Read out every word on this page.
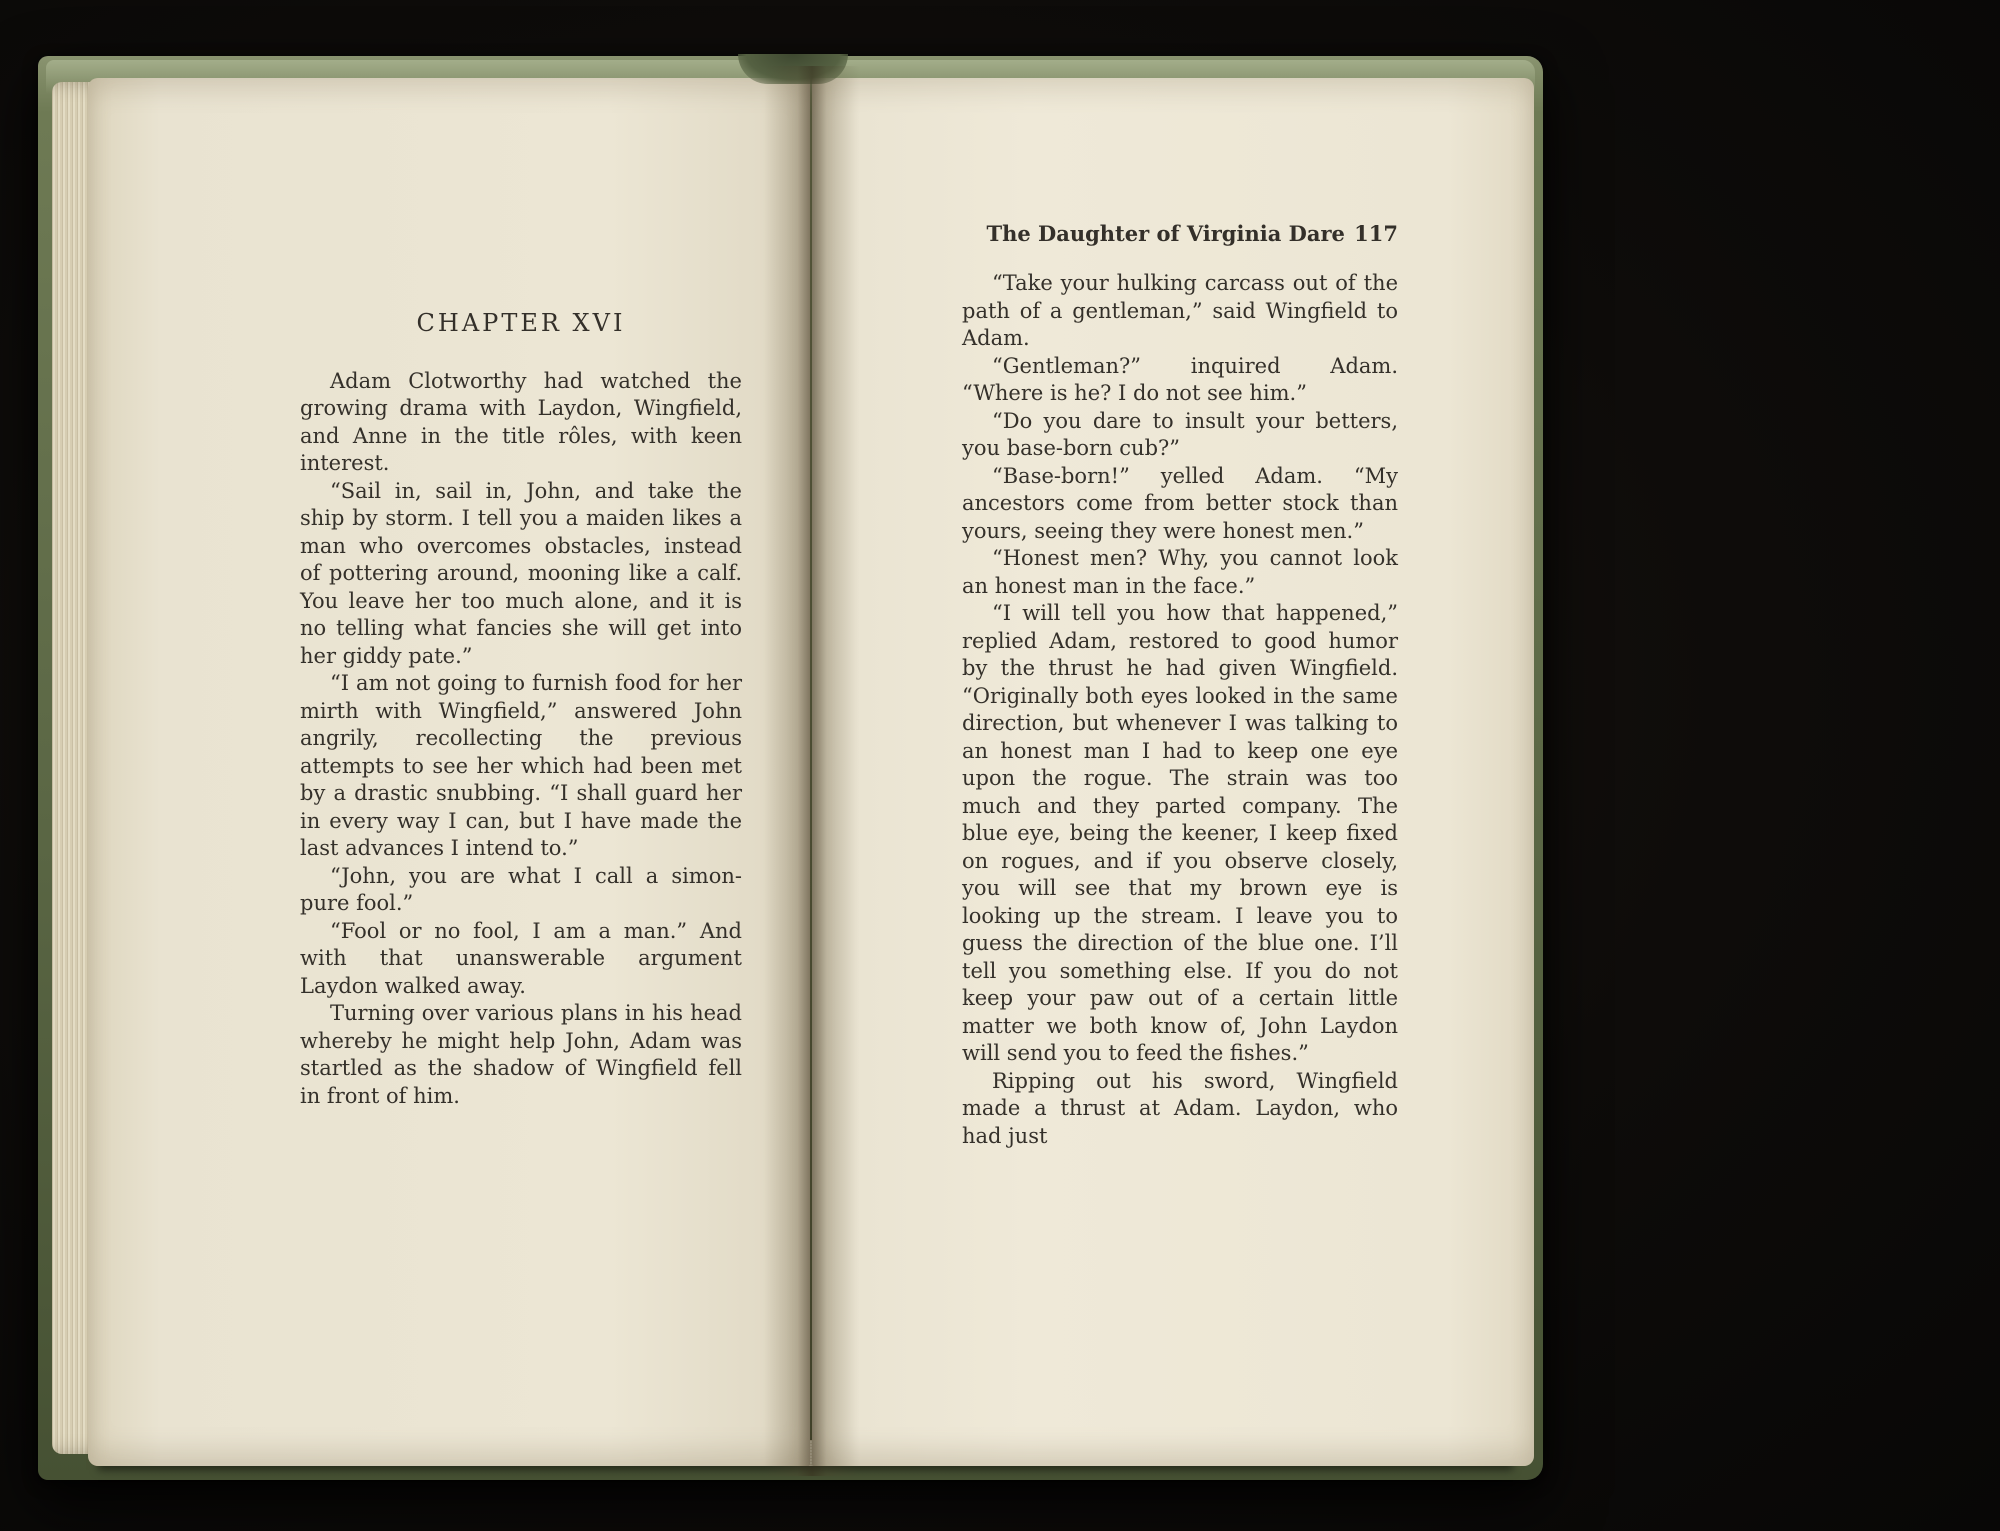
CHAPTER XVI

Adam Clotworthy had watched the growing drama with Laydon, Wingfield, and Anne in the title rôles, with keen interest.

“Sail in, sail in, John, and take the ship by storm. I tell you a maiden likes a man who overcomes obstacles, instead of pottering around, mooning like a calf. You leave her too much alone, and it is no telling what fancies she will get into her giddy pate.”

“I am not going to furnish food for her mirth with Wingfield,” answered John angrily, recollecting the previous attempts to see her which had been met by a drastic snubbing. “I shall guard her in every way I can, but I have made the last advances I intend to.”

“John, you are what I call a simon-pure fool.”

“Fool or no fool, I am a man.” And with that unanswerable argument Laydon walked away.

Turning over various plans in his head whereby he might help John, Adam was startled as the shadow of Wingfield fell in front of him.

The Daughter of Virginia Dare 117

“Take your hulking carcass out of the path of a gentleman,” said Wingfield to Adam.

“Gentleman?” inquired Adam. “Where is he? I do not see him.”

“Do you dare to insult your betters, you base-born cub?”

“Base-born!” yelled Adam. “My ancestors come from better stock than yours, seeing they were honest men.”

“Honest men? Why, you cannot look an honest man in the face.”

“I will tell you how that happened,” replied Adam, restored to good humor by the thrust he had given Wingfield. “Originally both eyes looked in the same direction, but whenever I was talking to an honest man I had to keep one eye upon the rogue. The strain was too much and they parted company. The blue eye, being the keener, I keep fixed on rogues, and if you observe closely, you will see that my brown eye is looking up the stream. I leave you to guess the direction of the blue one. I’ll tell you something else. If you do not keep your paw out of a certain little matter we both know of, John Laydon will send you to feed the fishes.”

Ripping out his sword, Wingfield made a thrust at Adam. Laydon, who had just
